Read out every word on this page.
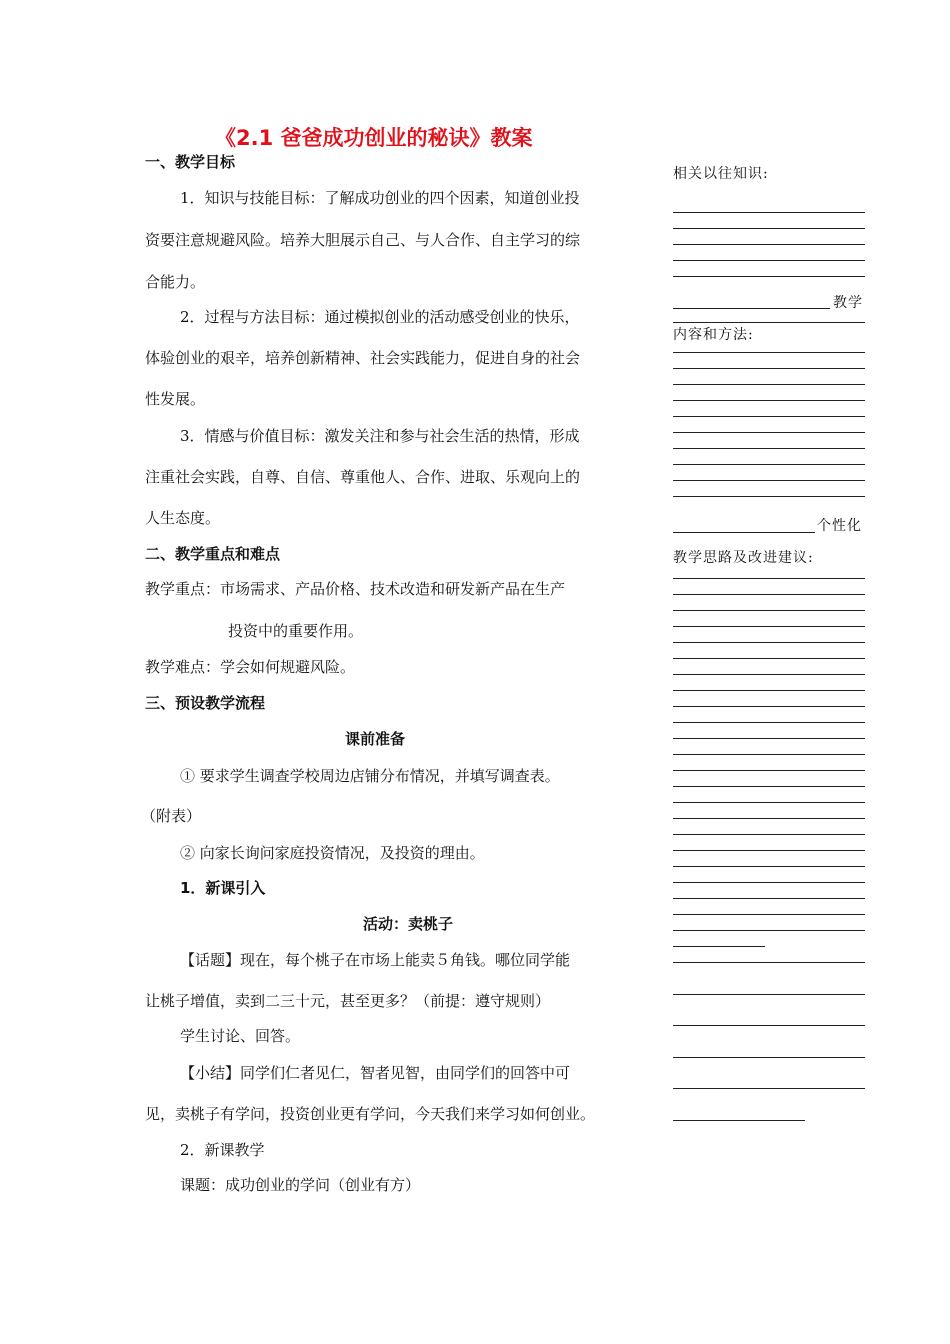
《2.1 爸爸成功创业的秘诀》教案
一、教学目标
1．知识与技能目标：了解成功创业的四个因素，知道创业投
资要注意规避风险。培养大胆展示自己、与人合作、自主学习的综
合能力。
2．过程与方法目标：通过模拟创业的活动感受创业的快乐，
体验创业的艰辛，培养创新精神、社会实践能力，促进自身的社会
性发展。
3．情感与价值目标：激发关注和参与社会生活的热情，形成
注重社会实践，自尊、自信、尊重他人、合作、进取、乐观向上的
人生态度。
二、教学重点和难点
教学重点：市场需求、产品价格、技术改造和研发新产品在生产
投资中的重要作用。
教学难点：学会如何规避风险。
三、预设教学流程
课前准备
① 要求学生调查学校周边店铺分布情况，并填写调查表。
（附表）
② 向家长询问家庭投资情况，及投资的理由。
1．新课引入
活动：卖桃子
【话题】现在，每个桃子在市场上能卖５角钱。哪位同学能
让桃子增值，卖到二三十元，甚至更多？（前提：遵守规则）
学生讨论、回答。
【小结】同学们仁者见仁，智者见智，由同学们的回答中可
见，卖桃子有学问，投资创业更有学问，今天我们来学习如何创业。
2．新课教学
课题：成功创业的学问（创业有方）
相关以往知识:
教学
内容和方法:
个性化
教学思路及改进建议:
